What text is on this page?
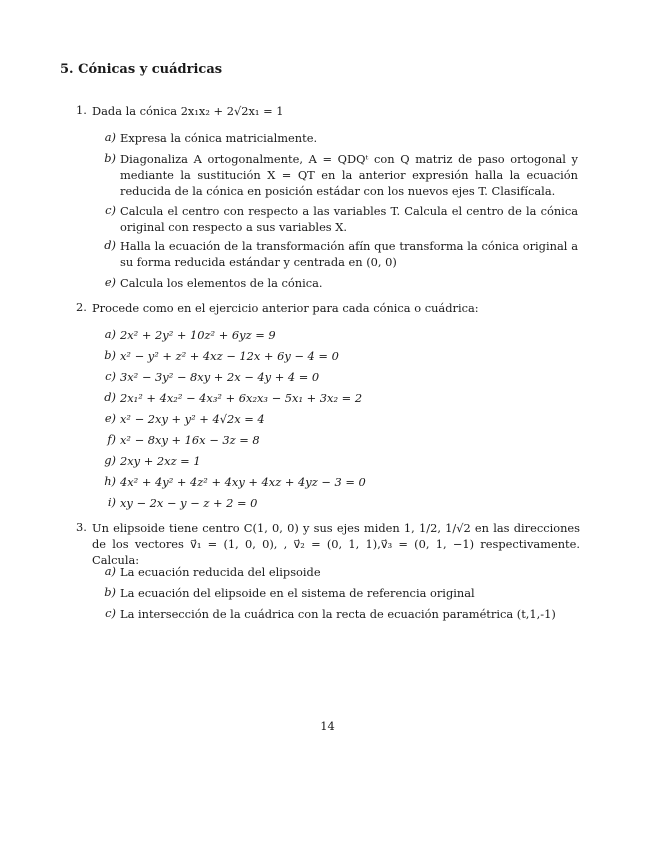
5. Cónicas y cuádricas
1. Dada la cónica 2x₁x₂ + 2√2x₁ = 1
a) Expresa la cónica matricialmente.
b) Diagonaliza A ortogonalmente, A = QDQᵗ con Q matriz de paso ortogonal y mediante la sustitución X = QT en la anterior expresión halla la ecuación reducida de la cónica en posición estádar con los nuevos ejes T. Clasifícala.
c) Calcula el centro con respecto a las variables T. Calcula el centro de la cónica original con respecto a sus variables X.
d) Halla la ecuación de la transformación afín que transforma la cónica original a su forma reducida estándar y centrada en (0, 0)
e) Calcula los elementos de la cónica.
2. Procede como en el ejercicio anterior para cada cónica o cuádrica:
a) 2x² + 2y² + 10z² + 6yz = 9
b) x² − y² + z² + 4xz − 12x + 6y − 4 = 0
c) 3x² − 3y² − 8xy + 2x − 4y + 4 = 0
d) 2x₁² + 4x₂² − 4x₃² + 6x₂x₃ − 5x₁ + 3x₂ = 2
e) x² − 2xy + y² + 4√2x = 4
f) x² − 8xy + 16x − 3z = 8
g) 2xy + 2xz = 1
h) 4x² + 4y² + 4z² + 4xy + 4xz + 4yz − 3 = 0
i) xy − 2x − y − z + 2 = 0
3. Un elipsoide tiene centro C(1, 0, 0) y sus ejes miden 1, 1/2, 1/√2 en las direcciones de los vectores v⃗₁ = (1, 0, 0), , v⃗₂ = (0, 1, 1),v⃗₃ = (0, 1, −1) respectivamente. Calcula:
a) La ecuación reducida del elipsoide
b) La ecuación del elipsoide en el sistema de referencia original
c) La intersección de la cuádrica con la recta de ecuación paramétrica (t,1,-1)
14
